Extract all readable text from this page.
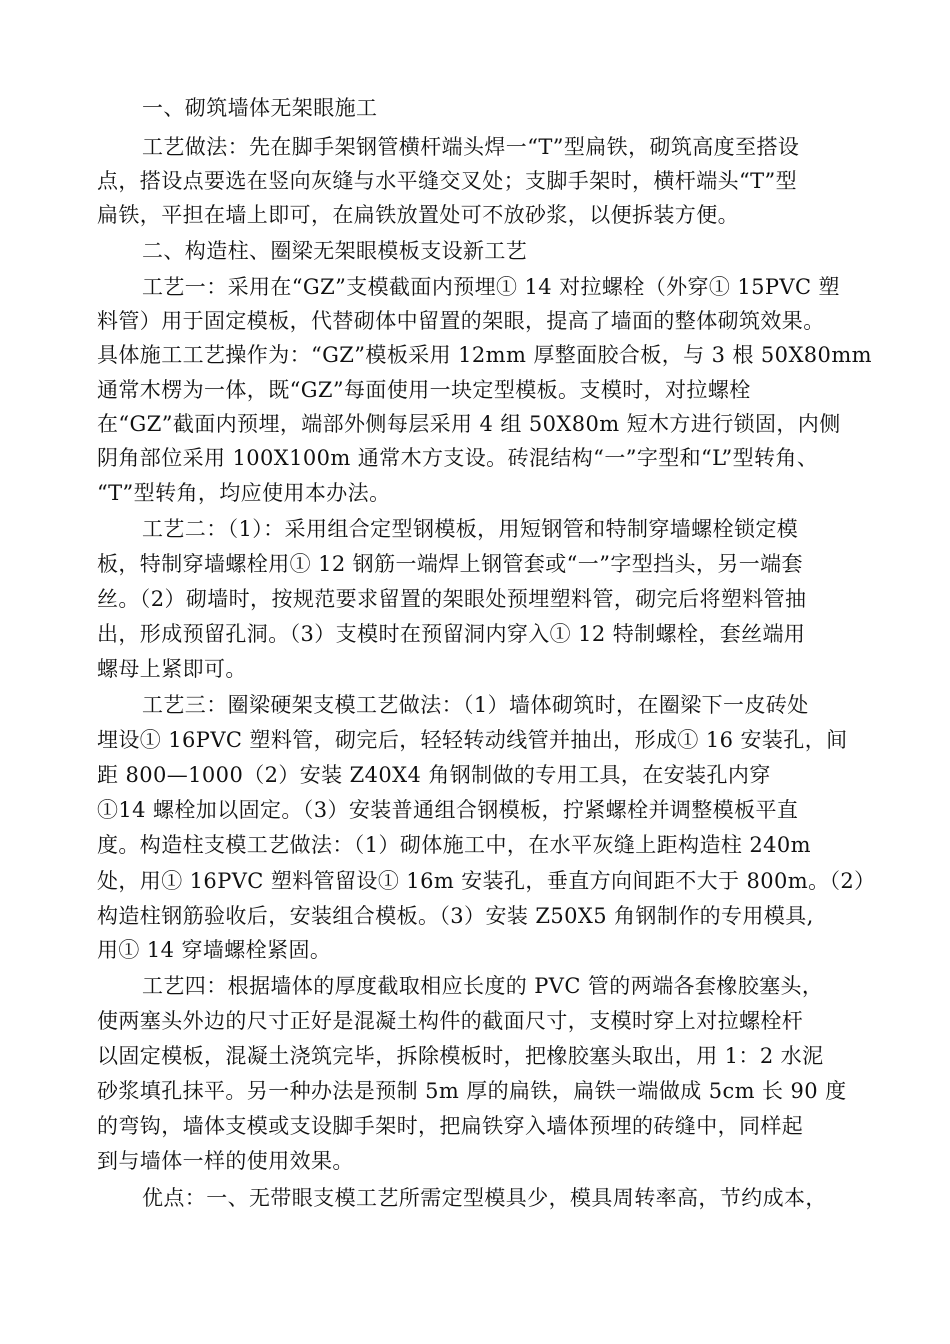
一、砌筑墙体无架眼施工
工艺做法：先在脚手架钢管横杆端头焊一“T”型扁铁，砌筑高度至搭设
点，搭设点要选在竖向灰缝与水平缝交叉处；支脚手架时，横杆端头“T”型
扁铁，平担在墙上即可，在扁铁放置处可不放砂浆，以便拆装方便。
二、构造柱、圈梁无架眼模板支设新工艺
工艺一：采用在“GZ”支模截面内预埋① 14 对拉螺栓（外穿① 15PVC 塑
料管）用于固定模板，代替砌体中留置的架眼，提高了墙面的整体砌筑效果。
具体施工工艺操作为：“GZ”模板采用 12mm 厚整面胶合板，与 3 根 50X80mm
通常木楞为一体，既“GZ”每面使用一块定型模板。支模时，对拉螺栓
在“GZ”截面内预埋，端部外侧每层采用 4 组 50X80m 短木方进行锁固，内侧
阴角部位采用 100X100m 通常木方支设。砖混结构“一”字型和“L”型转角、
“T”型转角，均应使用本办法。
工艺二：（1）：采用组合定型钢模板，用短钢管和特制穿墙螺栓锁定模
板，特制穿墙螺栓用① 12 钢筋一端焊上钢管套或“一”字型挡头，另一端套
丝。（2）砌墙时，按规范要求留置的架眼处预埋塑料管，砌完后将塑料管抽
出，形成预留孔洞。（3）支模时在预留洞内穿入① 12 特制螺栓，套丝端用
螺母上紧即可。
工艺三：圈梁硬架支模工艺做法：（1）墙体砌筑时，在圈梁下一皮砖处
埋设① 16PVC 塑料管，砌完后，轻轻转动线管并抽出，形成① 16 安装孔，间
距 800—1000（2）安装 Z40X4 角钢制做的专用工具，在安装孔内穿
①14 螺栓加以固定。（3）安装普通组合钢模板，拧紧螺栓并调整模板平直
度。构造柱支模工艺做法：（1）砌体施工中，在水平灰缝上距构造柱 240m
处，用① 16PVC 塑料管留设① 16m 安装孔，垂直方向间距不大于 800m。（2）
构造柱钢筋验收后，安装组合模板。（3）安装 Z50X5 角钢制作的专用模具,
用① 14 穿墙螺栓紧固。
工艺四：根据墙体的厚度截取相应长度的 PVC 管的两端各套橡胶塞头，
使两塞头外边的尺寸正好是混凝土构件的截面尺寸，支模时穿上对拉螺栓杆
以固定模板，混凝土浇筑完毕，拆除模板时，把橡胶塞头取出，用 1：2 水泥
砂浆填孔抹平。另一种办法是预制 5m 厚的扁铁，扁铁一端做成 5cm 长 90 度
的弯钩，墙体支模或支设脚手架时，把扁铁穿入墙体预埋的砖缝中，同样起
到与墙体一样的使用效果。
优点：一、无带眼支模工艺所需定型模具少，模具周转率高，节约成本，
